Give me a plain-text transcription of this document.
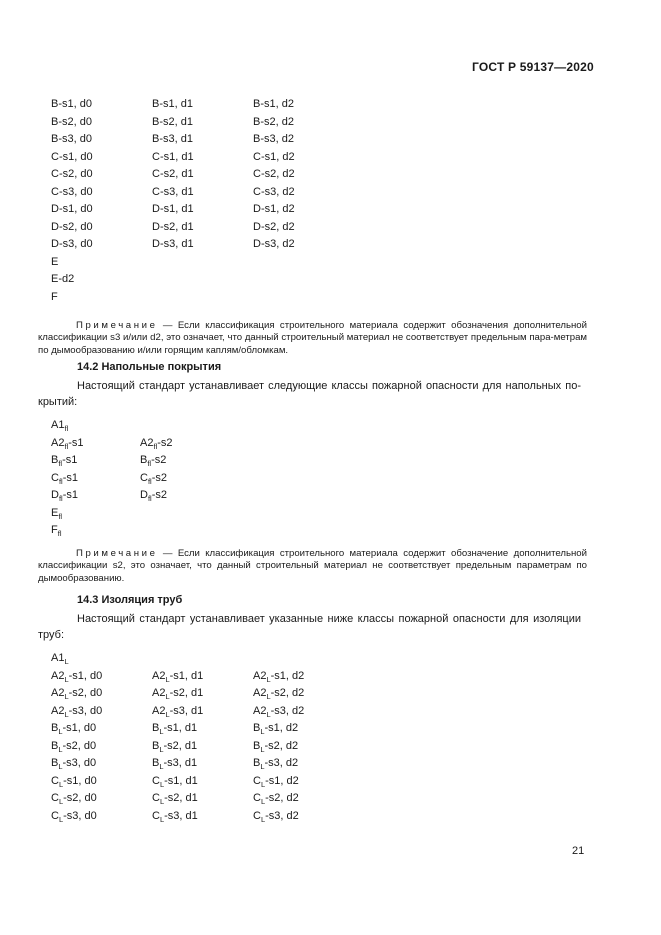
ГОСТ Р 59137—2020
B-s1, d0	B-s1, d1	B-s1, d2
B-s2, d0	B-s2, d1	B-s2, d2
B-s3, d0	B-s3, d1	B-s3, d2
C-s1, d0	C-s1, d1	C-s1, d2
C-s2, d0	C-s2, d1	C-s2, d2
C-s3, d0	C-s3, d1	C-s3, d2
D-s1, d0	D-s1, d1	D-s1, d2
D-s2, d0	D-s2, d1	D-s2, d2
D-s3, d0	D-s3, d1	D-s3, d2
E
E-d2
F

Примечание — Если классификация строительного материала содержит обозначения дополнительной классификации s3 и/или d2, это означает, что данный строительный материал не соответствует предельным пара-метрам по дымообразованию и/или горящим каплям/обломкам.

14.2 Напольные покрытия

Настоящий стандарт устанавливает следующие классы пожарной опасности для напольных по-крытий:

$A1_{fl}$
$A2_{fl}-s1$	$A2_{fl}-s2$
$B_{fl}-s1$	$B_{fl}-s2$
$C_{fl}-s1$	$C_{fl}-s2$
$D_{fl}-s1$	$D_{fl}-s2$
$E_{fl}$
$F_{fl}$

Примечание — Если классификация строительного материала содержит обозначение дополнительной классификации s2, это означает, что данный строительный материал не соответствует предельным параметрам по дымообразованию.

14.3 Изоляция труб

Настоящий стандарт устанавливает указанные ниже классы пожарной опасности для изоляции труб:

$A1_L$
$A2_L-s1$, d0	$A2_L-s1$, d1	$A2_L-s1$, d2
$A2_L-s2$, d0	$A2_L-s2$, d1	$A2_L-s2$, d2
$A2_L-s3$, d0	$A2_L-s3$, d1	$A2_L-s3$, d2
$B_L-s1$, d0	$B_L-s1$, d1	$B_L-s1$, d2
$B_L-s2$, d0	$B_L-s2$, d1	$B_L-s2$, d2
$B_L-s3$, d0	$B_L-s3$, d1	$B_L-s3$, d2
$C_L-s1$, d0	$C_L-s1$, d1	$C_L-s1$, d2
$C_L-s2$, d0	$C_L-s2$, d1	$C_L-s2$, d2
$C_L-s3$, d0	$C_L-s3$, d1	$C_L-s3$, d2
21
